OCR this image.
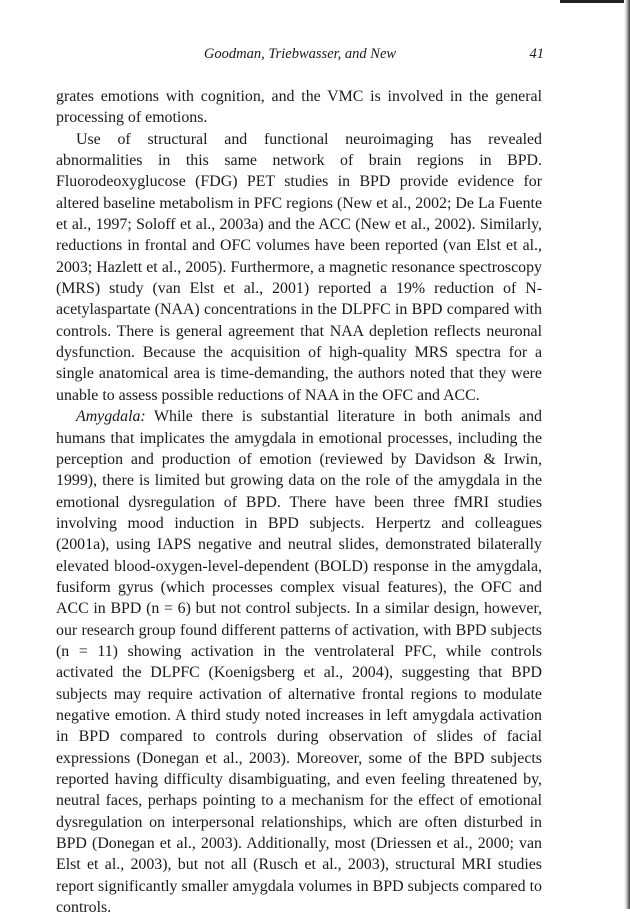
Goodman, Triebwasser, and New	41

grates emotions with cognition, and the VMC is involved in the general processing of emotions.

Use of structural and functional neuroimaging has revealed abnormalities in this same network of brain regions in BPD. Fluorodeoxyglucose (FDG) PET studies in BPD provide evidence for altered baseline metabolism in PFC regions (New et al., 2002; De La Fuente et al., 1997; Soloff et al., 2003a) and the ACC (New et al., 2002). Similarly, reductions in frontal and OFC volumes have been reported (van Elst et al., 2003; Hazlett et al., 2005). Furthermore, a magnetic resonance spectroscopy (MRS) study (van Elst et al., 2001) reported a 19% reduction of N-acetylaspartate (NAA) concentrations in the DLPFC in BPD compared with controls. There is general agreement that NAA depletion reflects neuronal dysfunction. Because the acquisition of high-quality MRS spectra for a single anatomical area is time-demanding, the authors noted that they were unable to assess possible reductions of NAA in the OFC and ACC.

Amygdala: While there is substantial literature in both animals and humans that implicates the amygdala in emotional processes, including the perception and production of emotion (reviewed by Davidson & Irwin, 1999), there is limited but growing data on the role of the amygdala in the emotional dysregulation of BPD. There have been three fMRI studies involving mood induction in BPD subjects. Herpertz and colleagues (2001a), using IAPS negative and neutral slides, demonstrated bilaterally elevated blood-oxygen-level-dependent (BOLD) response in the amygdala, fusiform gyrus (which processes complex visual features), the OFC and ACC in BPD (n = 6) but not control subjects. In a similar design, however, our research group found different patterns of activation, with BPD subjects (n = 11) showing activation in the ventrolateral PFC, while controls activated the DLPFC (Koenigsberg et al., 2004), suggesting that BPD subjects may require activation of alternative frontal regions to modulate negative emotion. A third study noted increases in left amygdala activation in BPD compared to controls during observation of slides of facial expressions (Donegan et al., 2003). Moreover, some of the BPD subjects reported having difficulty disambiguating, and even feeling threatened by, neutral faces, perhaps pointing to a mechanism for the effect of emotional dysregulation on interpersonal relationships, which are often disturbed in BPD (Donegan et al., 2003). Additionally, most (Driessen et al., 2000; van Elst et al., 2003), but not all (Rusch et al., 2003), structural MRI studies report significantly smaller amygdala volumes in BPD subjects compared to controls.
